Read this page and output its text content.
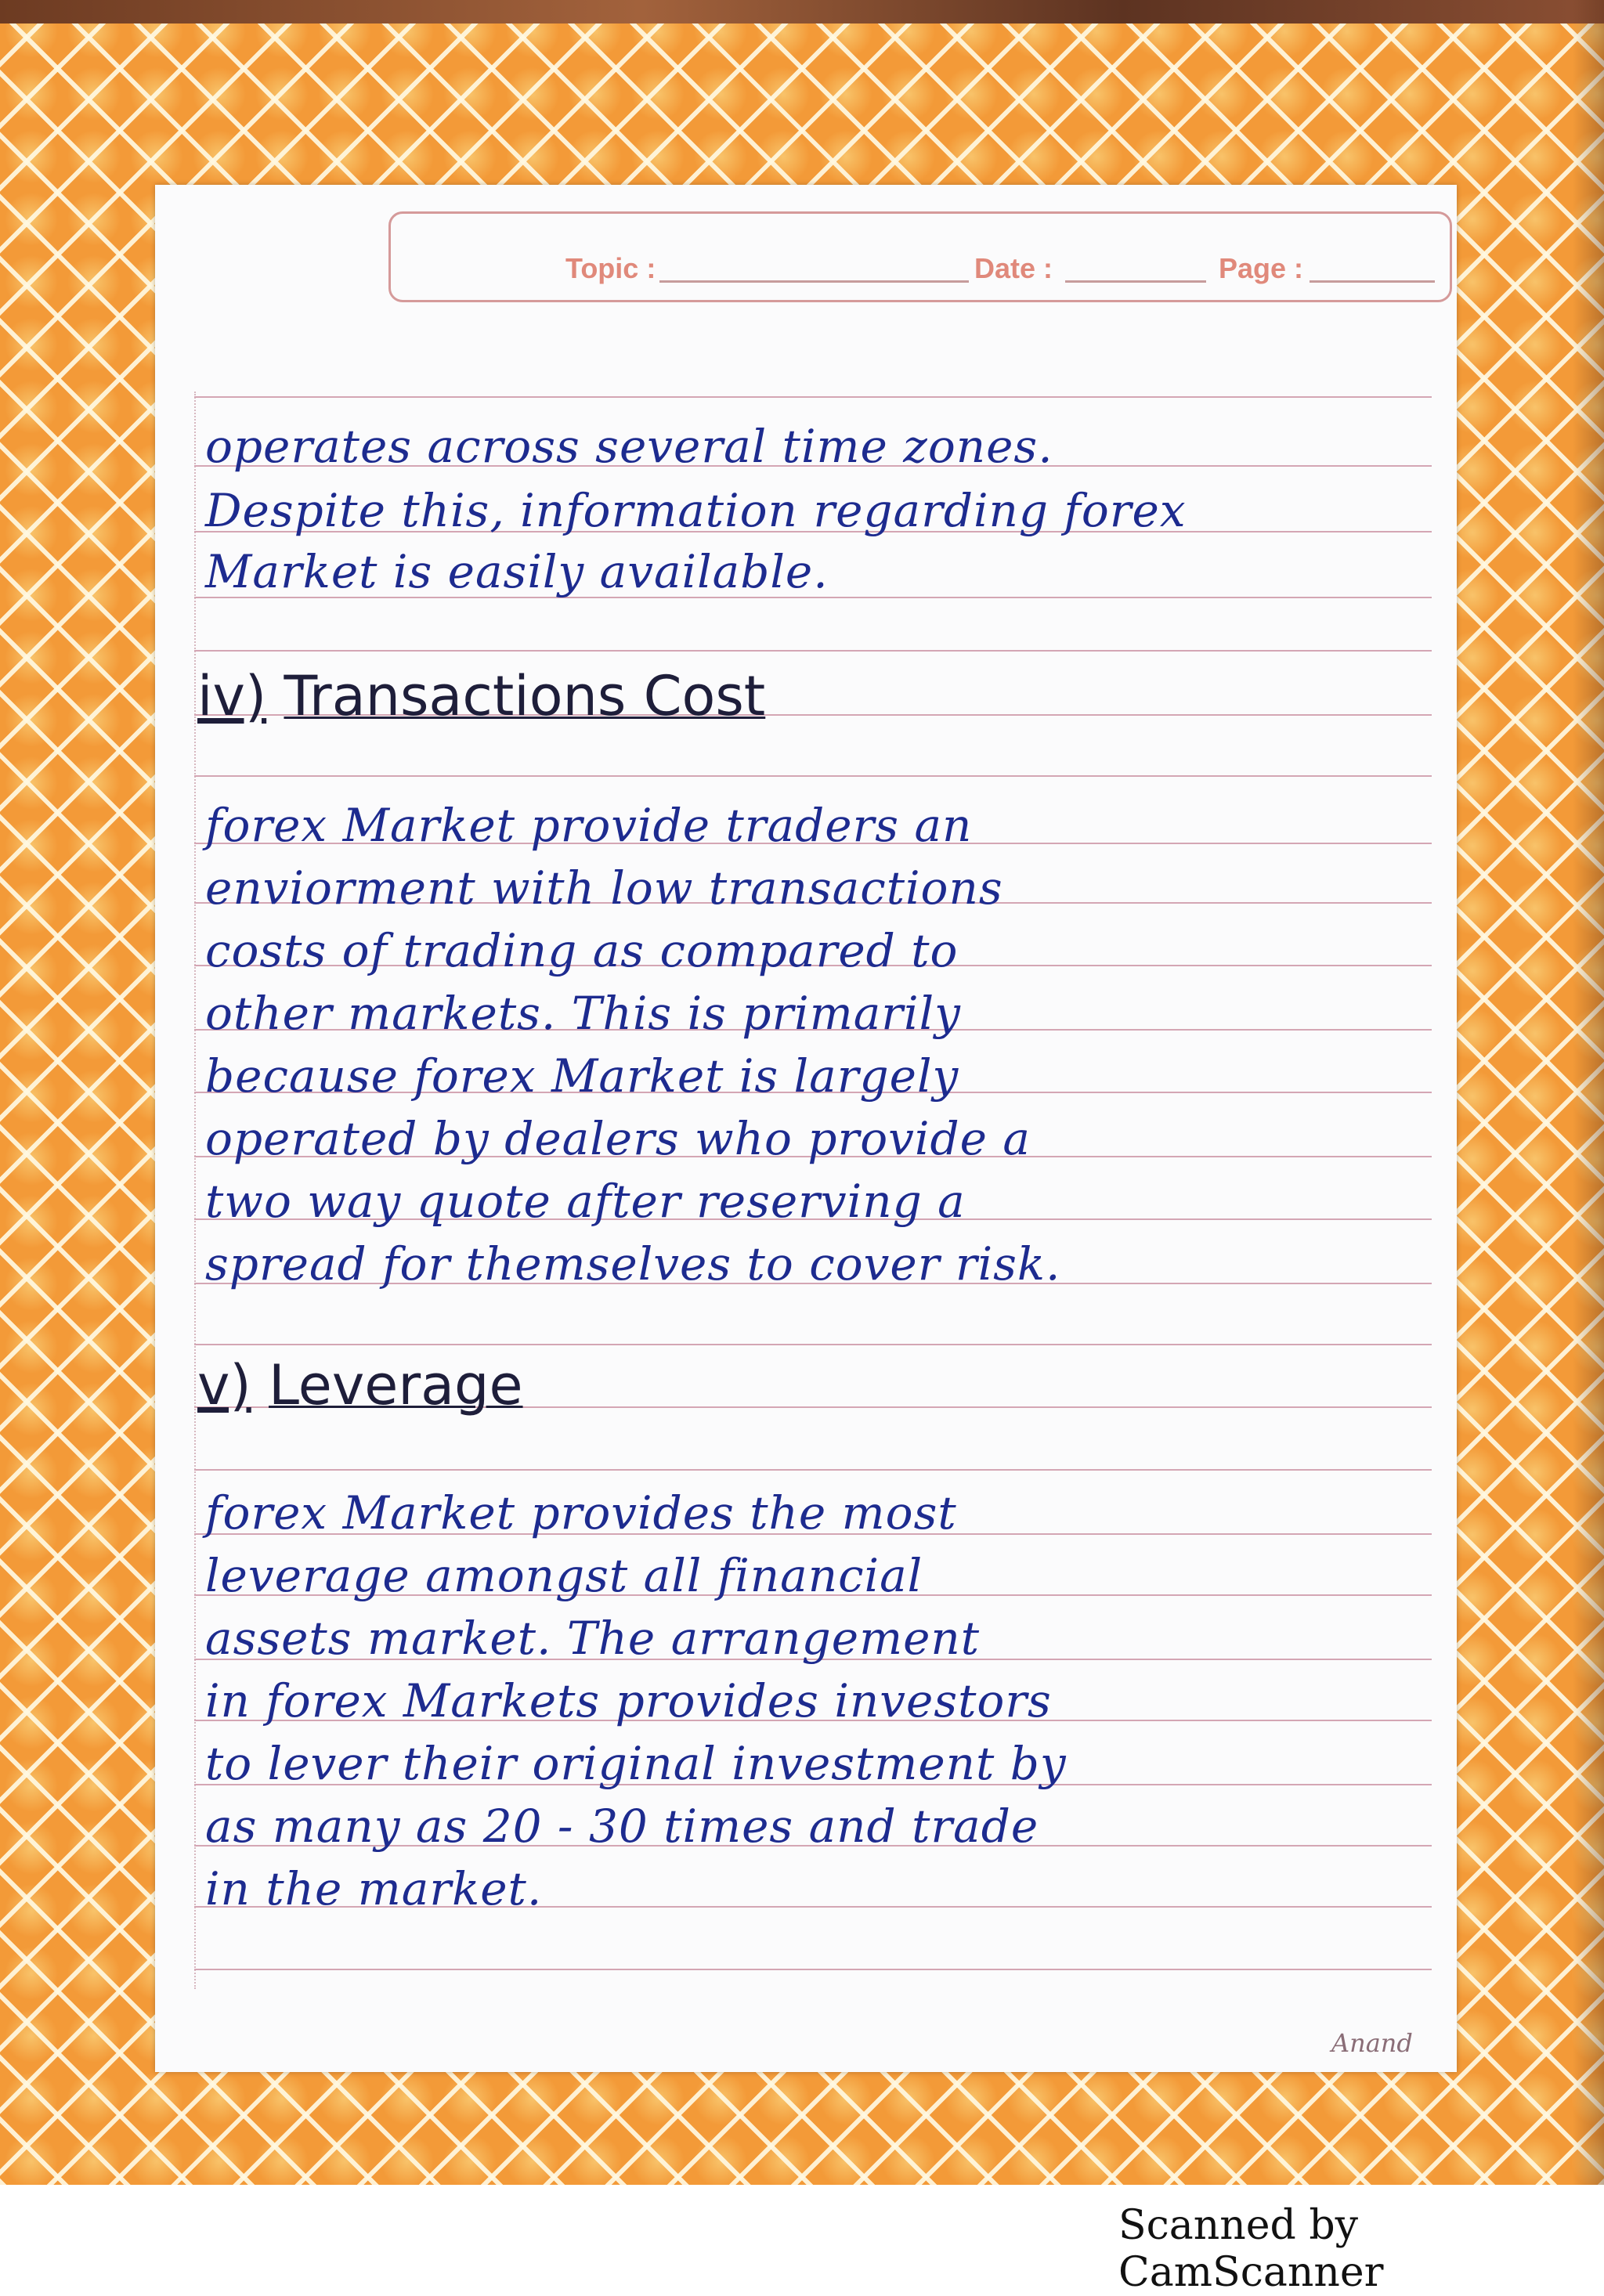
Topic :	Date :	Page :

operates across several time zones.

Despite this, information regarding forex

Market is easily available.

iv) Transactions Cost

forex Market provide traders an

enviorment with low transactions

costs of trading as compared to

other markets. This is primarily

because forex Market is largely

operated by dealers who provide a

two way quote after reserving a

spread for themselves to cover risk.

v) Leverage

forex Market provides the most

leverage amongst all financial

assets market. The arrangement

in forex Markets provides investors

to lever their original investment by

as many as 20 - 30 times and trade

in the market.

Anand
Scanned by CamScanner
